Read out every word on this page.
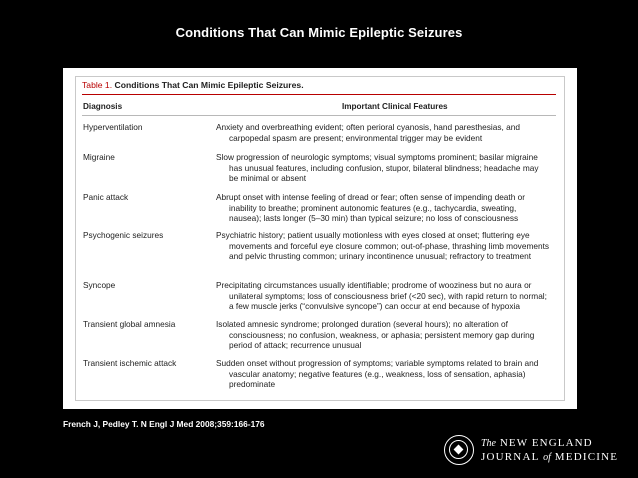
Conditions That Can Mimic Epileptic Seizures
Table 1. Conditions That Can Mimic Epileptic Seizures.
Diagnosis	Important Clinical Features
Hyperventilation	Anxiety and overbreathing evident; often perioral cyanosis, hand paresthesias, and carpopedal spasm are present; environmental trigger may be evident
Migraine	Slow progression of neurologic symptoms; visual symptoms prominent; basilar migraine has unusual features, including confusion, stupor, bilateral blindness; headache may be minimal or absent
Panic attack	Abrupt onset with intense feeling of dread or fear; often sense of impending death or inability to breathe; prominent autonomic features (e.g., tachycardia, sweating, nausea); lasts longer (5–30 min) than typical seizure; no loss of consciousness
Psychogenic seizures	Psychiatric history; patient usually motionless with eyes closed at onset; fluttering eye movements and forceful eye closure common; out-of-phase, thrashing limb movements and pelvic thrusting common; urinary incontinence unusual; refractory to treatment
Syncope	Precipitating circumstances usually identifiable; prodrome of wooziness but no aura or unilateral symptoms; loss of consciousness brief (<20 sec), with rapid return to normal; a few muscle jerks (“convulsive syncope”) can occur at end because of hypoxia
Transient global amnesia	Isolated amnesic syndrome; prolonged duration (several hours); no alteration of consciousness; no confusion, weakness, or aphasia; persistent memory gap during period of attack; recurrence unusual
Transient ischemic attack	Sudden onset without progression of symptoms; variable symptoms related to brain and vascular anatomy; negative features (e.g., weakness, loss of sensation, aphasia) predominate
French J, Pedley T. N Engl J Med 2008;359:166-176
The NEW ENGLAND
JOURNAL of MEDICINE
